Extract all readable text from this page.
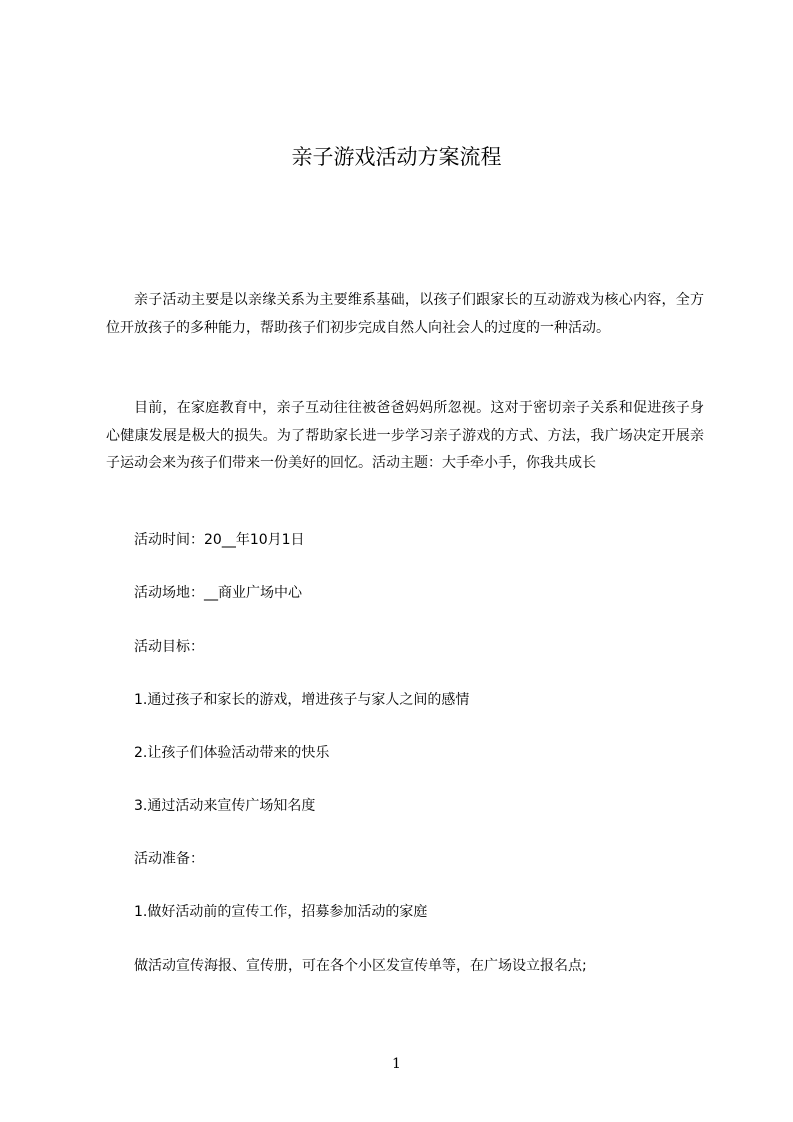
亲子游戏活动方案流程
亲子活动主要是以亲缘关系为主要维系基础，以孩子们跟家长的互动游戏为核心内容，全方位开放孩子的多种能力，帮助孩子们初步完成自然人向社会人的过度的一种活动。
目前，在家庭教育中，亲子互动往往被爸爸妈妈所忽视。这对于密切亲子关系和促进孩子身心健康发展是极大的损失。为了帮助家长进一步学习亲子游戏的方式、方法，我广场决定开展亲子运动会来为孩子们带来一份美好的回忆。活动主题：大手牵小手，你我共成长
活动时间：20__年10月1日
活动场地：__商业广场中心
活动目标：
1.通过孩子和家长的游戏，增进孩子与家人之间的感情
2.让孩子们体验活动带来的快乐
3.通过活动来宣传广场知名度
活动准备：
1.做好活动前的宣传工作，招募参加活动的家庭
做活动宣传海报、宣传册，可在各个小区发宣传单等，在广场设立报名点;
1
